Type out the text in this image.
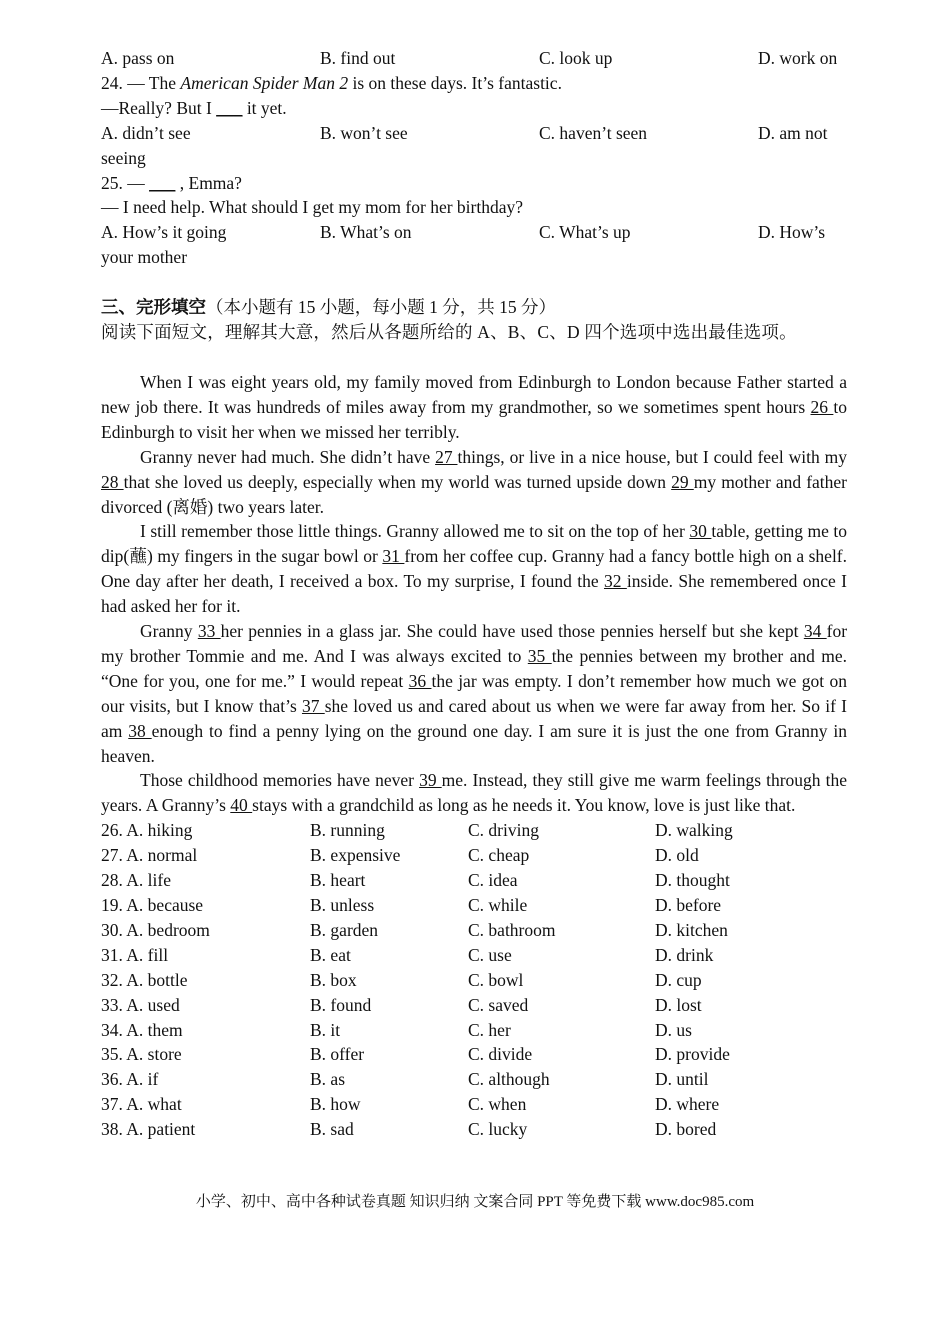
A. pass on	B. find out	C. look up	D. work on
24. — The American Spider Man 2 is on these days. It’s fantastic.
—Really? But I ___ it yet.
A. didn’t see	B. won’t see	C. haven’t seen	D. am not
seeing
25. — ___ , Emma?
— I need help. What should I get my mom for her birthday?
A. How’s it going	B. What’s on	C. What’s up	D. How’s
your mother
三、完形填空（本小题有 15 小题，每小题 1 分，共 15 分）
阅读下面短文，理解其大意，然后从各题所给的 A、B、C、D 四个选项中选出最佳选项。

When I was eight years old, my family moved from Edinburgh to London because Father started a new job there. It was hundreds of miles away from my grandmother, so we sometimes spent hours 26 to Edinburgh to visit her when we missed her terribly.

Granny never had much. She didn’t have 27 things, or live in a nice house, but I could feel with my 28 that she loved us deeply, especially when my world was turned upside down 29 my mother and father divorced (离婚) two years later.

I still remember those little things. Granny allowed me to sit on the top of her 30 table, getting me to dip(蘸) my fingers in the sugar bowl or 31 from her coffee cup. Granny had a fancy bottle high on a shelf. One day after her death, I received a box. To my surprise, I found the 32 inside. She remembered once I had asked her for it.

Granny 33 her pennies in a glass jar. She could have used those pennies herself but she kept 34 for my brother Tommie and me. And I was always excited to 35 the pennies between my brother and me. “One for you, one for me.” I would repeat 36 the jar was empty. I don’t remember how much we got on our visits, but I know that’s 37 she loved us and cared about us when we were far away from her. So if I am 38 enough to find a penny lying on the ground one day. I am sure it is just the one from Granny in heaven.

Those childhood memories have never 39 me. Instead, they still give me warm feelings through the years. A Granny’s 40 stays with a grandchild as long as he needs it. You know, love is just like that.

26. A. hiking	B. running	C. driving	D. walking
27. A. normal	B. expensive	C. cheap	D. old
28. A. life	B. heart	C. idea	D. thought
19. A. because	B. unless	C. while	D. before
30. A. bedroom	B. garden	C. bathroom	D. kitchen
31. A. fill	B. eat	C. use	D. drink
32. A. bottle	B. box	C. bowl	D. cup
33. A. used	B. found	C. saved	D. lost
34. A. them	B. it	C. her	D. us
35. A. store	B. offer	C. divide	D. provide
36. A. if	B. as	C. although	D. until
37. A. what	B. how	C. when	D. where
38. A. patient	B. sad	C. lucky	D. bored
小学、初中、高中各种试卷真题 知识归纳 文案合同 PPT 等免费下载 www.doc985.com
